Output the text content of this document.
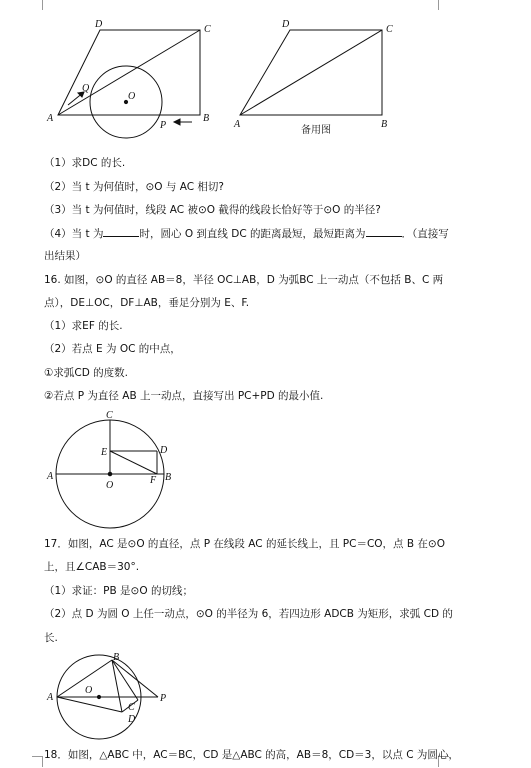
D	C
A
Q
O
P
B
D	C
A	B
备用图
C
D
E
A
O	F B
B
A
O
C
D
P
（1）求DC 的长.
（2）当 t 为何值时，⊙O 与 AC 相切?
（3）当 t 为何值时，线段 AC 被⊙O 截得的线段长恰好等于⊙O 的半径?
（4）当 t 为	时，圆心 O 到直线 DC 的距离最短，最短距离为	．（直接写
出结果）
16. 如图，⊙O 的直径 AB＝8，半径 OC⊥AB，D 为弧BC 上一动点（不包括 B、C 两
点），DE⊥OC，DF⊥AB，垂足分别为 E、F.
（1）求EF 的长.
（2）若点 E 为 OC 的中点，
①求弧CD 的度数.
②若点 P 为直径 AB 上一动点，直接写出 PC+PD 的最小值.
17．如图，AC 是⊙O 的直径，点 P 在线段 AC 的延长线上，且 PC＝CO，点 B 在⊙O
上，且∠CAB＝30°.
（1）求证：PB 是⊙O 的切线；
（2）点 D 为圆 O 上任一动点，⊙O 的半径为 6，若四边形 ADCB 为矩形，求弧 CD 的
长.
18．如图，△ABC 中，AC＝BC，CD 是△ABC 的高，AB＝8，CD＝3，以点 C 为圆心，
